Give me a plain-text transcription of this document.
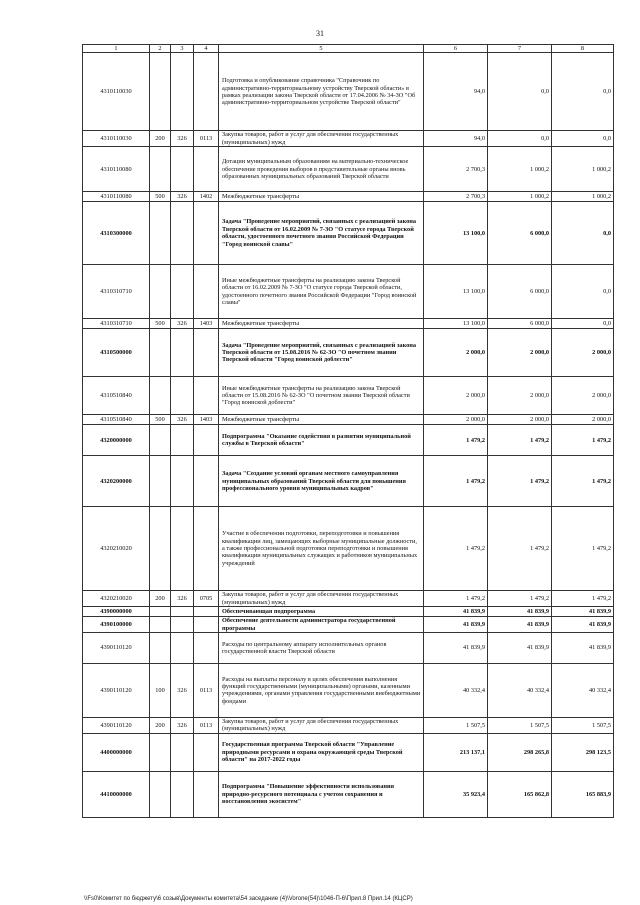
31
1	2	3	4	5	6	7	8
4310110030				Подготовка и опубликование справочника "Справочник по административно-территориальному устройству Тверской области» в рамках реализации закона Тверской области от 17.04.2006 № 34-ЗО "Об административно-территориальном устройстве Тверской области"	94,0	0,0	0,0
4310110030	200	326	0113	Закупка товаров, работ и услуг для обеспечения государственных (муниципальных) нужд	94,0	0,0	0,0
4310110080				Дотации муниципальным образованиям на материально-техническое обеспечение проведения выборов в представительные органы вновь образованных муниципальных образований Тверской области	2 700,3	1 000,2	1 000,2
4310110080	500	326	1402	Межбюджетные трансферты	2 700,3	1 000,2	1 000,2
4310300000				Задача "Проведение мероприятий, связанных с реализацией закона Тверской области от 16.02.2009 № 7-ЗО "О статусе города Тверской области, удостоенного почетного звания Российской Федерации "Город воинской славы"	13 100,0	6 000,0	0,0
4310310710				Иные межбюджетные трансферты на реализацию закона Тверской области от 16.02.2009 № 7-ЗО "О статусе города Тверской области, удостоенного почетного звания Российской Федерации "Город воинской славы"	13 100,0	6 000,0	0,0
4310310710	500	326	1403	Межбюджетные трансферты	13 100,0	6 000,0	0,0
4310500000				Задача "Проведение мероприятий, связанных с реализацией закона Тверской области от 15.08.2016 № 62-ЗО "О почетном звании Тверской области "Город воинской доблести"	2 000,0	2 000,0	2 000,0
4310510840				Иные межбюджетные трансферты на реализацию закона Тверской области от 15.08.2016 № 62-ЗО "О почетном звании Тверской области "Город воинской доблести"	2 000,0	2 000,0	2 000,0
4310510840	500	326	1403	Межбюджетные трансферты	2 000,0	2 000,0	2 000,0
4320000000				Подпрограмма "Оказание содействия в развитии муниципальной службы в Тверской области"	1 479,2	1 479,2	1 479,2
4320200000				Задача "Создание условий органам местного самоуправления муниципальных образований Тверской области для повышения профессионального уровня муниципальных кадров"	1 479,2	1 479,2	1 479,2
4320210020				Участие в обеспечении подготовки, переподготовки и повышения квалификации лиц, замещающих выборные муниципальные должности, а также профессиональной подготовки переподготовки и повышения квалификации муниципальных служащих и работников муниципальных учреждений	1 479,2	1 479,2	1 479,2
4320210020	200	326	0705	Закупка товаров, работ и услуг для обеспечения государственных (муниципальных) нужд	1 479,2	1 479,2	1 479,2
4390000000				Обеспечивающая подпрограмма	41 839,9	41 839,9	41 839,9
4390100000				Обеспечение деятельности администратора государственной программы	41 839,9	41 839,9	41 839,9
4390110120				Расходы по центральному аппарату исполнительных органов государственной власти Тверской области	41 839,9	41 839,9	41 839,9
4390110120	100	326	0113	Расходы на выплаты персоналу в целях обеспечения выполнения функций государственными (муниципальными) органами, казенными учреждениями, органами управления государственными внебюджетными фондами	40 332,4	40 332,4	40 332,4
4390110120	200	326	0113	Закупка товаров, работ и услуг для обеспечения государственных (муниципальных) нужд	1 507,5	1 507,5	1 507,5
4400000000				Государственная программа Тверской области "Управление природными ресурсами и охрана окружающей среды Тверской области" на 2017-2022 годы	213 137,1	298 265,8	298 123,5
4410000000				Подпрограмма "Повышение эффективности использования природно-ресурсного потенциала с учетом сохранения и восстановления экосистем"	35 923,4	165 862,8	165 883,9
\\Fs0\Комитет по бюджету\6 созыв\Документы комитета\54 заседание (4)\Vorone(54)\1046-П-6\Прил.8 Прил.14 (КЦСР)
